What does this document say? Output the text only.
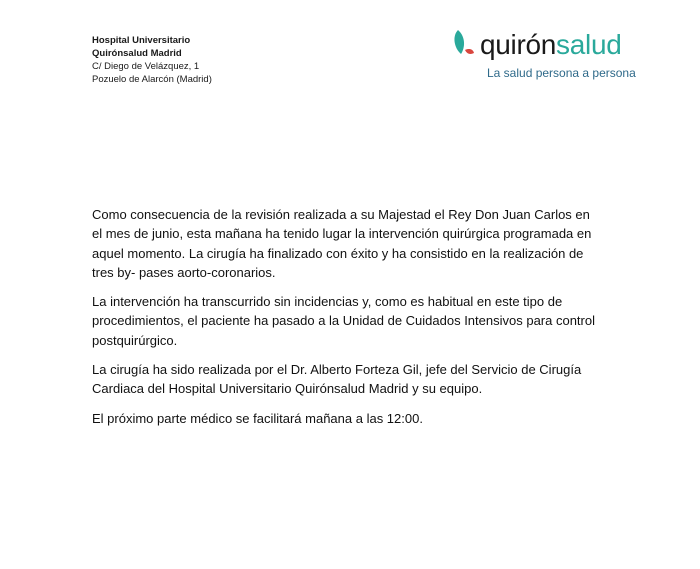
Hospital Universitario
Quirónsalud Madrid
C/ Diego de Velázquez, 1
Pozuelo de Alarcón (Madrid)
quirónsalud
La salud persona a persona

Como consecuencia de la revisión realizada a su Majestad el Rey Don Juan Carlos en el mes de junio, esta mañana ha tenido lugar la intervención quirúrgica programada en aquel momento. La cirugía ha finalizado con éxito y ha consistido en la realización de tres by- pases aorto-coronarios.

La intervención ha transcurrido sin incidencias y, como es habitual en este tipo de procedimientos, el paciente ha pasado a la Unidad de Cuidados Intensivos para control postquirúrgico.

La cirugía ha sido realizada por el Dr. Alberto Forteza Gil, jefe del Servicio de Cirugía Cardiaca del Hospital Universitario Quirónsalud Madrid y su equipo.

El próximo parte médico se facilitará mañana a las 12:00.
